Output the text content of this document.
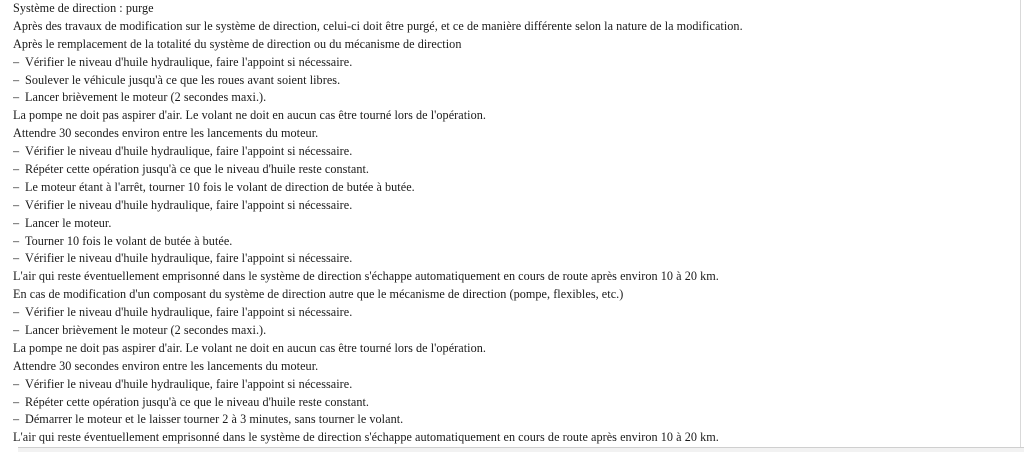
Système de direction : purge
Après des travaux de modification sur le système de direction, celui-ci doit être purgé, et ce de manière différente selon la nature de la modification.
Après le remplacement de la totalité du système de direction ou du mécanisme de direction
– Vérifier le niveau d'huile hydraulique, faire l'appoint si nécessaire.
– Soulever le véhicule jusqu'à ce que les roues avant soient libres.
– Lancer brièvement le moteur (2 secondes maxi.).
La pompe ne doit pas aspirer d'air. Le volant ne doit en aucun cas être tourné lors de l'opération.
Attendre 30 secondes environ entre les lancements du moteur.
– Vérifier le niveau d'huile hydraulique, faire l'appoint si nécessaire.
– Répéter cette opération jusqu'à ce que le niveau d'huile reste constant.
– Le moteur étant à l'arrêt, tourner 10 fois le volant de direction de butée à butée.
– Vérifier le niveau d'huile hydraulique, faire l'appoint si nécessaire.
– Lancer le moteur.
– Tourner 10 fois le volant de butée à butée.
– Vérifier le niveau d'huile hydraulique, faire l'appoint si nécessaire.
L'air qui reste éventuellement emprisonné dans le système de direction s'échappe automatiquement en cours de route après environ 10 à 20 km.
En cas de modification d'un composant du système de direction autre que le mécanisme de direction (pompe, flexibles, etc.)
– Vérifier le niveau d'huile hydraulique, faire l'appoint si nécessaire.
– Lancer brièvement le moteur (2 secondes maxi.).
La pompe ne doit pas aspirer d'air. Le volant ne doit en aucun cas être tourné lors de l'opération.
Attendre 30 secondes environ entre les lancements du moteur.
– Vérifier le niveau d'huile hydraulique, faire l'appoint si nécessaire.
– Répéter cette opération jusqu'à ce que le niveau d'huile reste constant.
– Démarrer le moteur et le laisser tourner 2 à 3 minutes, sans tourner le volant.
L'air qui reste éventuellement emprisonné dans le système de direction s'échappe automatiquement en cours de route après environ 10 à 20 km.
